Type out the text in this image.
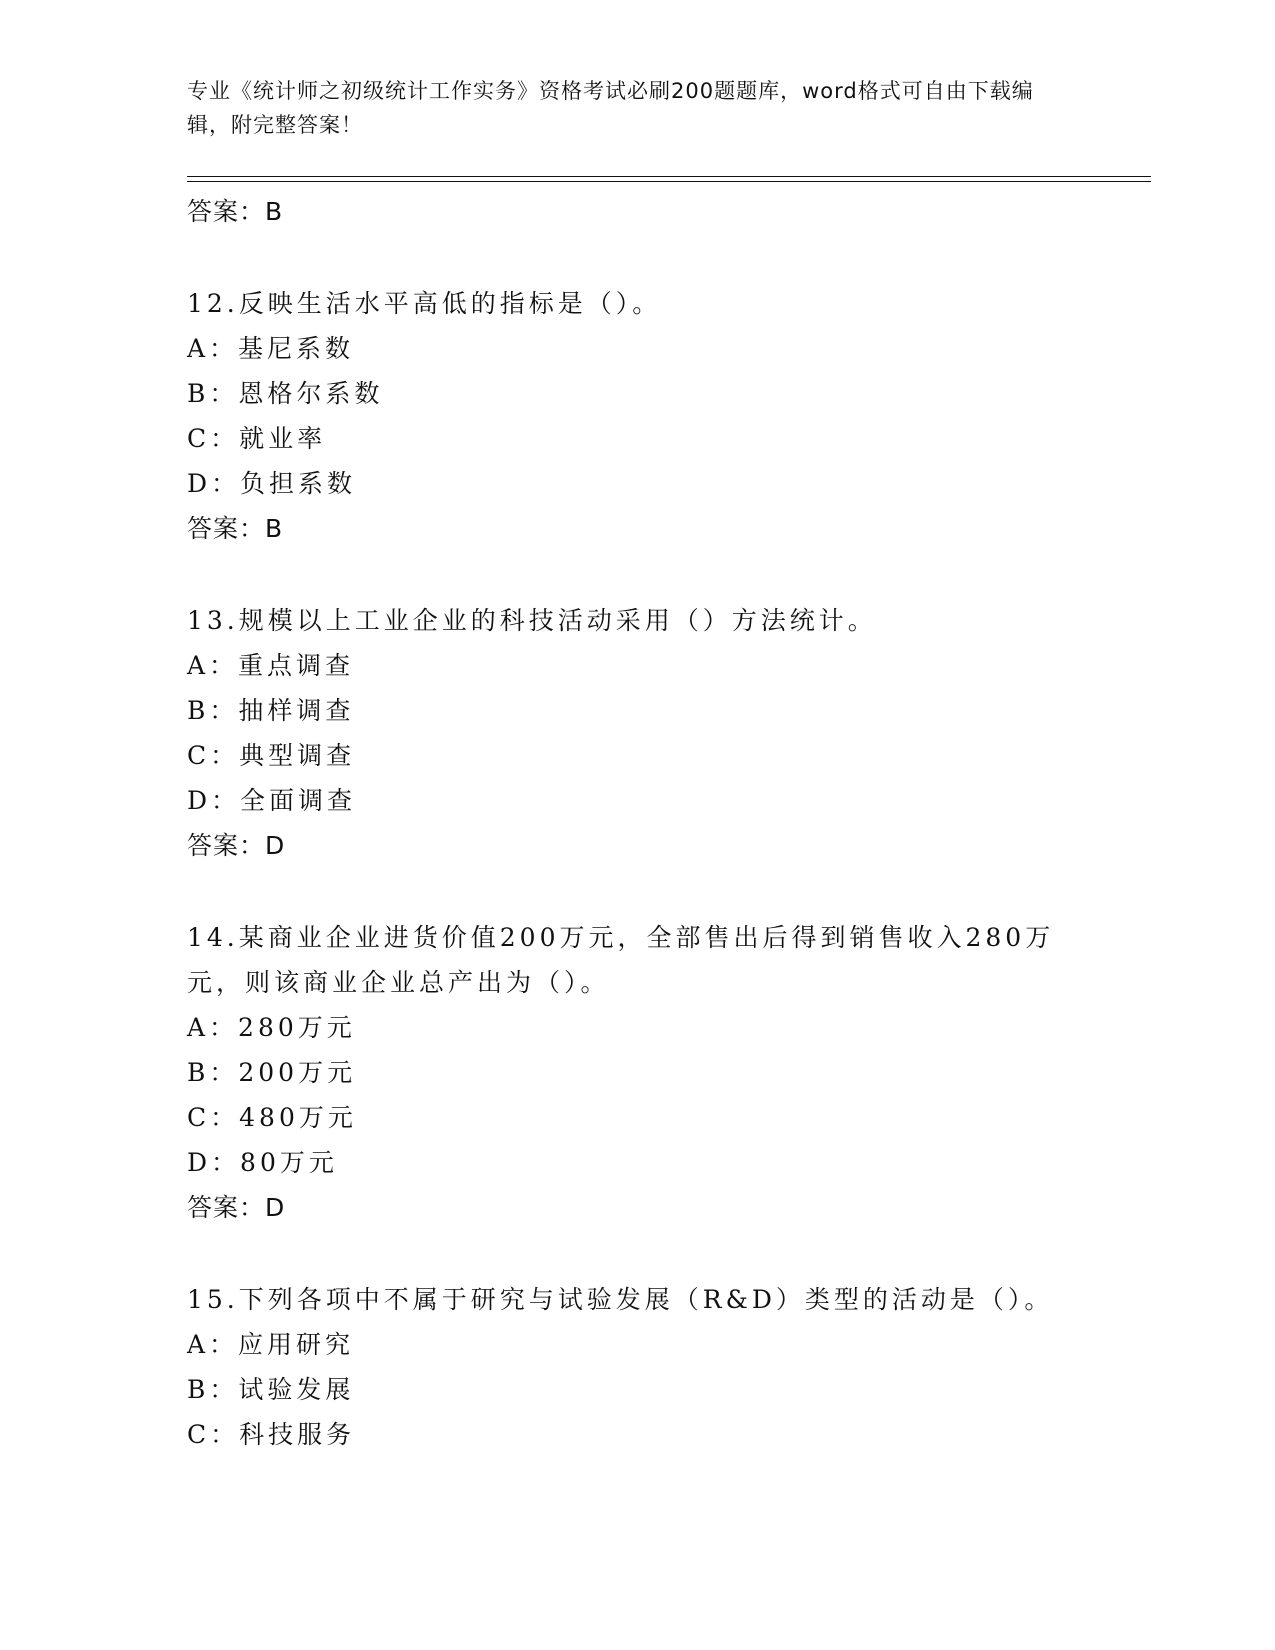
专业《统计师之初级统计工作实务》资格考试必刷200题题库，word格式可自由下载编辑，附完整答案！

答案：B

12.反映生活水平高低的指标是（）。

A：基尼系数

B：恩格尔系数

C：就业率

D：负担系数

答案：B

13.规模以上工业企业的科技活动采用（）方法统计。

A：重点调查

B：抽样调查

C：典型调查

D：全面调查

答案：D

14.某商业企业进货价值200万元，全部售出后得到销售收入280万元，则该商业企业总产出为（）。

A：280万元

B：200万元

C：480万元

D：80万元

答案：D

15.下列各项中不属于研究与试验发展（R&D）类型的活动是（）。

A：应用研究

B：试验发展

C：科技服务
